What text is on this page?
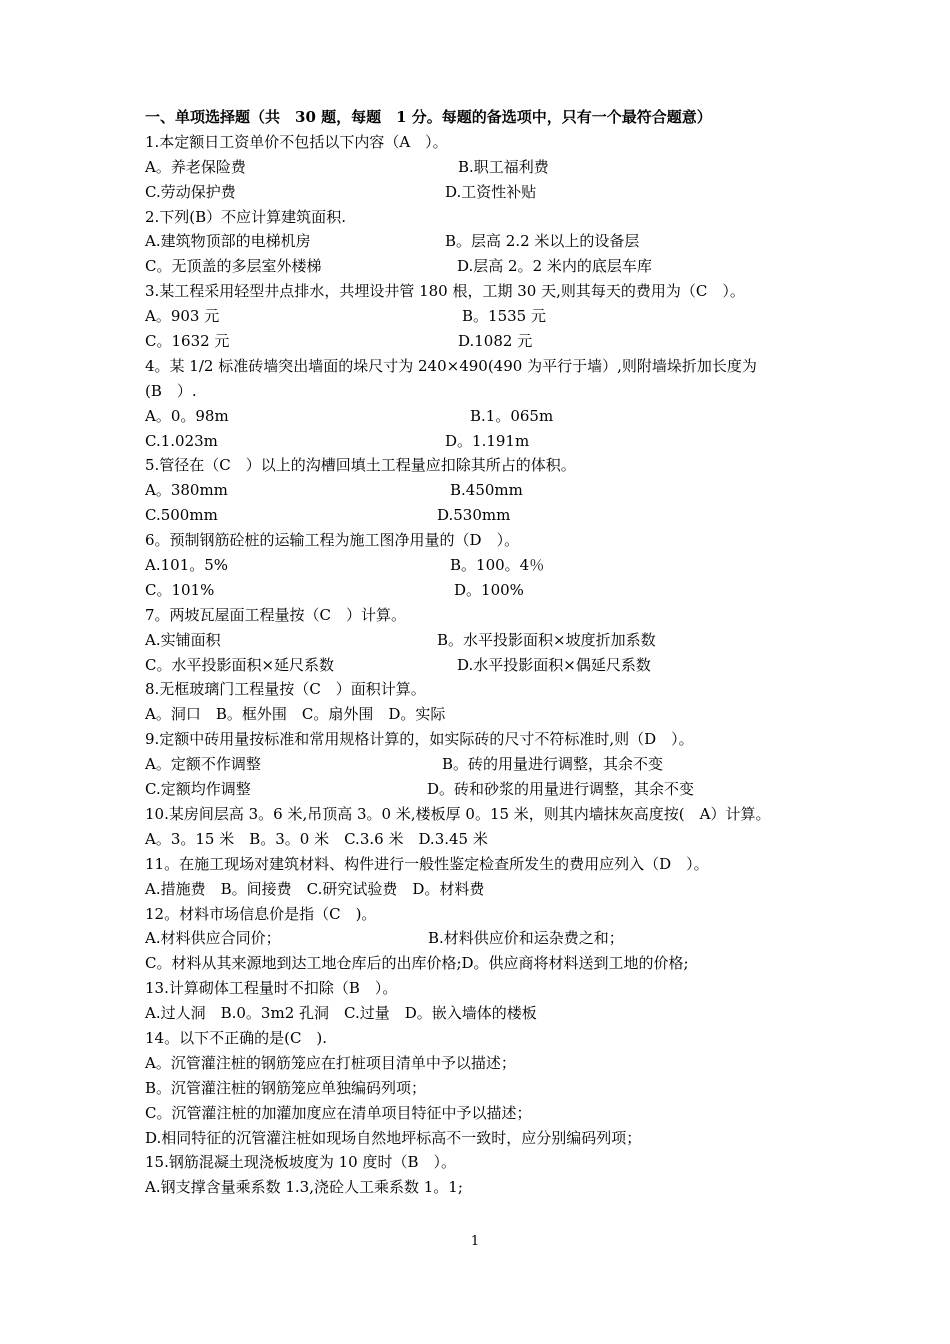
一、单项选择题（共　30 题，每题　1 分。每题的备选项中，只有一个最符合题意）
1.本定额日工资单价不包括以下内容（A　）。
A。养老保险费	B.职工福利费
C.劳动保护费	D.工资性补贴
2.下列(B）不应计算建筑面积.
A.建筑物顶部的电梯机房	B。层高 2.2 米以上的设备层
C。无顶盖的多层室外楼梯	D.层高 2。2 米内的底层车库
3.某工程采用轻型井点排水，共埋设井管 180 根，工期 30 天,则其每天的费用为（C　）。
A。903 元	B。1535 元
C。1632 元	D.1082 元
4。某 1/2 标准砖墙突出墙面的垛尺寸为 240×490(490 为平行于墙）,则附墙垛折加长度为
(B　）.
A。0。98m	B.1。065m
C.1.023m	D。1.191m
5.管径在（C　）以上的沟槽回填土工程量应扣除其所占的体积。
A。380mm	B.450mm
C.500mm	D.530mm
6。预制钢筋砼桩的运输工程为施工图净用量的（D　）。
A.101。5%	B。100。4％
C。101%	D。100%
7。两坡瓦屋面工程量按（C　）计算。
A.实铺面积	B。水平投影面积×坡度折加系数
C。水平投影面积×延尺系数	D.水平投影面积×偶延尺系数
8.无框玻璃门工程量按（C　）面积计算。
A。洞口　B。框外围　C。扇外围　D。实际
9.定额中砖用量按标准和常用规格计算的，如实际砖的尺寸不符标准时,则（D　）。
A。定额不作调整	B。砖的用量进行调整，其余不变
C.定额均作调整	D。砖和砂浆的用量进行调整，其余不变
10.某房间层高 3。6 米,吊顶高 3。0 米,楼板厚 0。15 米，则其内墙抹灰高度按(　A）计算。
A。3。15 米　B。3。0 米　C.3.6 米　D.3.45 米
11。在施工现场对建筑材料、构件进行一般性鉴定检查所发生的费用应列入（D　）。
A.措施费　B。间接费　C.研究试验费　D。材料费
12。材料市场信息价是指（C　)。
A.材料供应合同价；	B.材料供应价和运杂费之和；
C。材料从其来源地到达工地仓库后的出库价格;D。供应商将材料送到工地的价格;
13.计算砌体工程量时不扣除（B　）。
A.过人洞　B.0。3m2 孔洞　C.过量　D。嵌入墙体的楼板
14。以下不正确的是(C　).
A。沉管灌注桩的钢筋笼应在打桩项目清单中予以描述；
B。沉管灌注桩的钢筋笼应单独编码列项；
C。沉管灌注桩的加灌加度应在清单项目特征中予以描述；
D.相同特征的沉管灌注桩如现场自然地坪标高不一致时，应分别编码列项；
15.钢筋混凝土现浇板坡度为 10 度时（B　）。
A.钢支撑含量乘系数 1.3,浇砼人工乘系数 1。1;
1
